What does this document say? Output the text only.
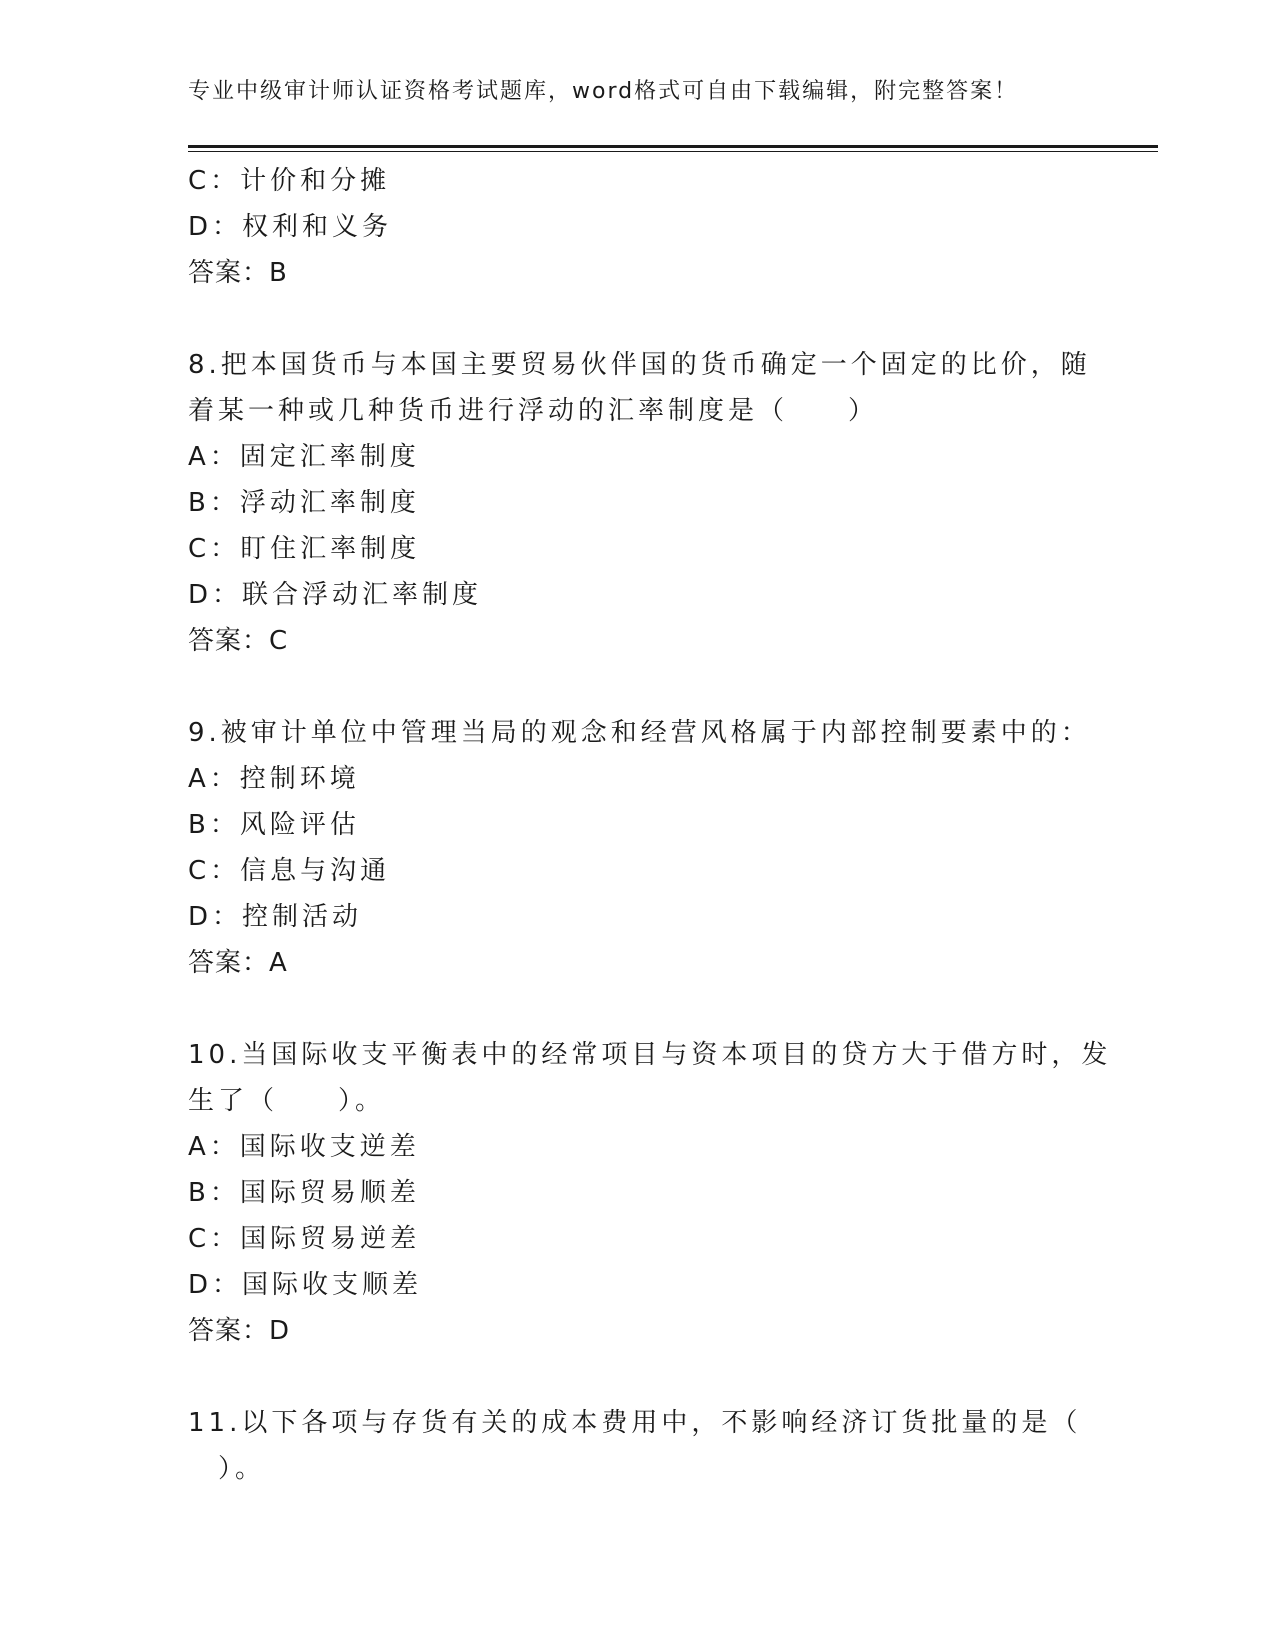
专业中级审计师认证资格考试题库，word格式可自由下载编辑，附完整答案！
C：计价和分摊
D：权利和义务
答案：B
8.把本国货币与本国主要贸易伙伴国的货币确定一个固定的比价，随
着某一种或几种货币进行浮动的汇率制度是（　　）
A：固定汇率制度
B：浮动汇率制度
C：盯住汇率制度
D：联合浮动汇率制度
答案：C
9.被审计单位中管理当局的观念和经营风格属于内部控制要素中的：
A：控制环境
B：风险评估
C：信息与沟通
D：控制活动
答案：A
10.当国际收支平衡表中的经常项目与资本项目的贷方大于借方时，发
生了（　　）。
A：国际收支逆差
B：国际贸易顺差
C：国际贸易逆差
D：国际收支顺差
答案：D
11.以下各项与存货有关的成本费用中，不影响经济订货批量的是（
　）。
